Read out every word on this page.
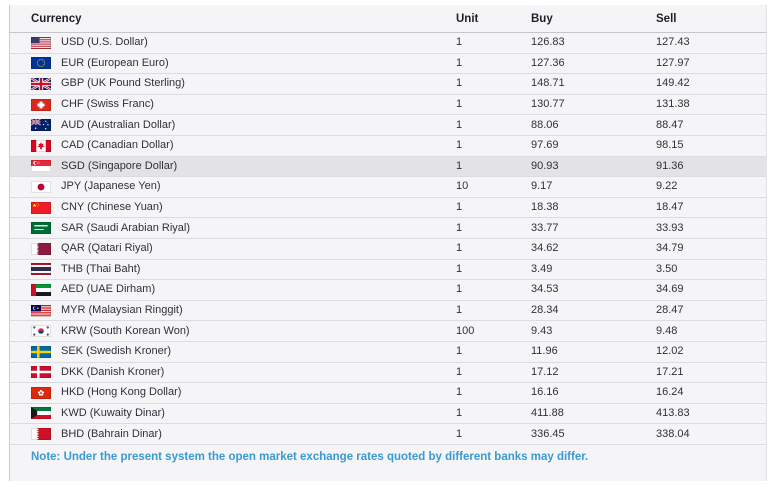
Currency	Unit	Buy	Sell
USD (U.S. Dollar)	1	126.83	127.43
EUR (European Euro)	1	127.36	127.97
GBP (UK Pound Sterling)	1	148.71	149.42
CHF (Swiss Franc)	1	130.77	131.38
AUD (Australian Dollar)	1	88.06	88.47
CAD (Canadian Dollar)	1	97.69	98.15
SGD (Singapore Dollar)	1	90.93	91.36
JPY (Japanese Yen)	10	9.17	9.22
CNY (Chinese Yuan)	1	18.38	18.47
SAR (Saudi Arabian Riyal)	1	33.77	33.93
QAR (Qatari Riyal)	1	34.62	34.79
THB (Thai Baht)	1	3.49	3.50
AED (UAE Dirham)	1	34.53	34.69
MYR (Malaysian Ringgit)	1	28.34	28.47
KRW (South Korean Won)	100	9.43	9.48
SEK (Swedish Kroner)	1	11.96	12.02
DKK (Danish Kroner)	1	17.12	17.21
HKD (Hong Kong Dollar)	1	16.16	16.24
KWD (Kuwaity Dinar)	1	411.88	413.83
BHD (Bahrain Dinar)	1	336.45	338.04
Note: Under the present system the open market exchange rates quoted by different banks may differ.
